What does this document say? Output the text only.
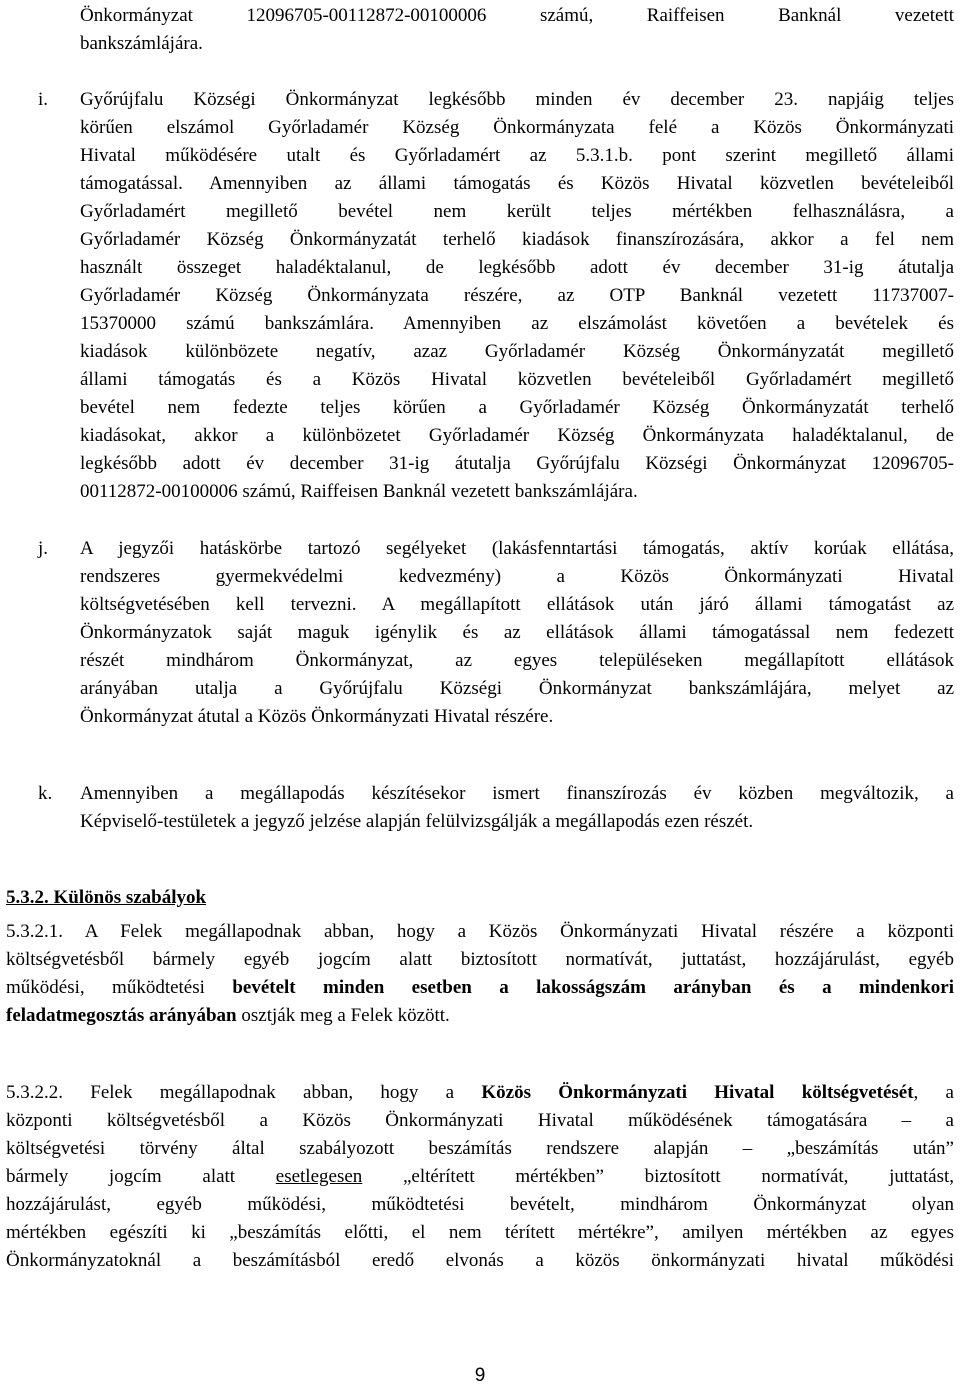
Önkormányzat 12096705-00112872-00100006 számú, Raiffeisen Banknál vezetett
bankszámlájára.
i. Győrújfalu Községi Önkormányzat legkésőbb minden év december 23. napjáig teljes
körűen elszámol Győrladamér Község Önkormányzata felé a Közös Önkormányzati
Hivatal működésére utalt és Győrladamért az 5.3.1.b. pont szerint megillető állami
támogatással. Amennyiben az állami támogatás és Közös Hivatal közvetlen bevételeiből
Győrladamért megillető bevétel nem került teljes mértékben felhasználásra, a
Győrladamér Község Önkormányzatát terhelő kiadások finanszírozására, akkor a fel nem
használt összeget haladéktalanul, de legkésőbb adott év december 31-ig átutalja
Győrladamér Község Önkormányzata részére, az OTP Banknál vezetett 11737007-
15370000 számú bankszámlára. Amennyiben az elszámolást követően a bevételek és
kiadások különbözete negatív, azaz Győrladamér Község Önkormányzatát megillető
állami támogatás és a Közös Hivatal közvetlen bevételeiből Győrladamért megillető
bevétel nem fedezte teljes körűen a Győrladamér Község Önkormányzatát terhelő
kiadásokat, akkor a különbözetet Győrladamér Község Önkormányzata haladéktalanul, de
legkésőbb adott év december 31-ig átutalja Győrújfalu Községi Önkormányzat 12096705-
00112872-00100006 számú, Raiffeisen Banknál vezetett bankszámlájára.
j. A jegyzői hatáskörbe tartozó segélyeket (lakásfenntartási támogatás, aktív korúak ellátása,
rendszeres gyermekvédelmi kedvezmény) a Közös Önkormányzati Hivatal
költségvetésében kell tervezni. A megállapított ellátások után járó állami támogatást az
Önkormányzatok saját maguk igénylik és az ellátások állami támogatással nem fedezett
részét mindhárom Önkormányzat, az egyes településeken megállapított ellátások
arányában utalja a Győrújfalu Községi Önkormányzat bankszámlájára, melyet az
Önkormányzat átutal a Közös Önkormányzati Hivatal részére.
k. Amennyiben a megállapodás készítésekor ismert finanszírozás év közben megváltozik, a
Képviselő-testületek a jegyző jelzése alapján felülvizsgálják a megállapodás ezen részét.
5.3.2. Különös szabályok
5.3.2.1. A Felek megállapodnak abban, hogy a Közös Önkormányzati Hivatal részére a központi
költségvetésből bármely egyéb jogcím alatt biztosított normatívát, juttatást, hozzájárulást, egyéb
működési, működtetési bevételt minden esetben a lakosságszám arányban és a mindenkori
feladatmegosztás arányában osztják meg a Felek között.
5.3.2.2. Felek megállapodnak abban, hogy a Közös Önkormányzati Hivatal költségvetését, a
központi költségvetésből a Közös Önkormányzati Hivatal működésének támogatására – a
költségvetési törvény által szabályozott beszámítás rendszere alapján – „beszámítás után”
bármely jogcím alatt esetlegesen „eltérített mértékben” biztosított normatívát, juttatást,
hozzájárulást, egyéb működési, működtetési bevételt, mindhárom Önkormányzat olyan
mértékben egészíti ki „beszámítás előtti, el nem térített mértékre”, amilyen mértékben az egyes
Önkormányzatoknál a beszámításból eredő elvonás a közös önkormányzati hivatal működési
9
